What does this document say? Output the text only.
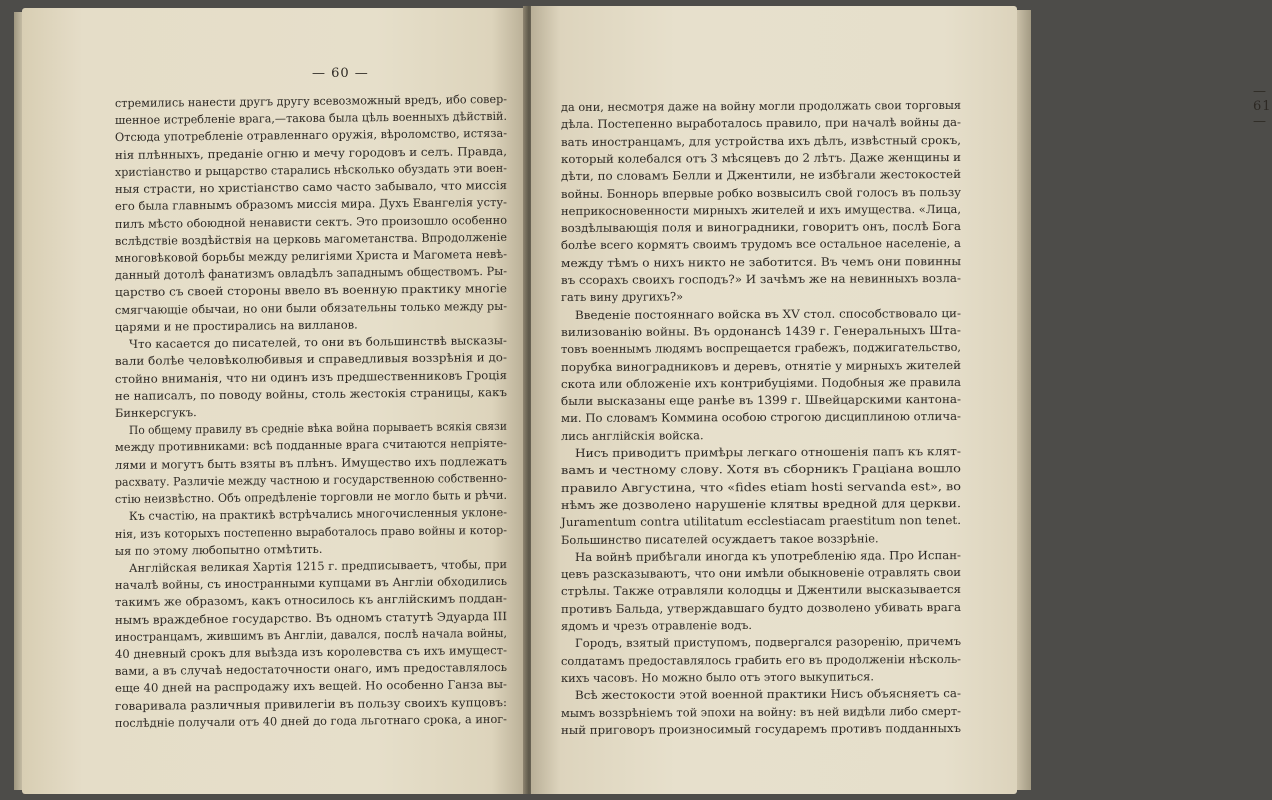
— 60 —
стремились нанести другъ другу всевозможный вредъ, ибо совер-
шенное истребленіе врага,—такова была цѣль военныхъ дѣйствій.
Отсюда употребленіе отравленнаго оружія, вѣроломство, истяза-
нія плѣнныхъ, преданіе огню и мечу городовъ и селъ. Правда,
христіанство и рыцарство старались нѣсколько обуздать эти воен-
ныя страсти, но христіанство само часто забывало, что миссія
его была главнымъ образомъ миссія мира. Духъ Евангелія усту-
пилъ мѣсто обоюдной ненависти сектъ. Это произошло особенно
вслѣдствіе воздѣйствія на церковь магометанства. Впродолженіе
многовѣковой борьбы между религіями Христа и Магомета невѣ-
данный дотолѣ фанатизмъ овладѣлъ западнымъ обществомъ. Ры-
царство съ своей стороны ввело въ военную практику многіе
смягчающіе обычаи, но они были обязательны только между ры-
царями и не простирались на вилланов.
Что касается до писателей, то они въ большинствѣ высказы-
вали болѣе человѣколюбивыя и справедливыя воззрѣнія и до-
стойно вниманія, что ни одинъ изъ предшественниковъ Гроція
не написалъ, по поводу войны, столь жестокія страницы, какъ
Бинкерсгукъ.
По общему правилу въ средніе вѣка война порываетъ всякія связи
между противниками: всѣ подданные врага считаются непріяте-
лями и могутъ быть взяты въ плѣнъ. Имущество ихъ подлежатъ
расхвату. Различіе между частною и государственною собственно-
стію неизвѣстно. Объ опредѣленіе торговли не могло быть и рѣчи.
Къ счастію, на практикѣ встрѣчались многочисленныя уклоне-
нія, изъ которыхъ постепенно выработалось право войны и котор-
ыя по этому любопытно отмѣтить.
Англійская великая Хартія 1215 г. предписываетъ, чтобы, при
началѣ войны, съ иностранными купцами въ Англіи обходились
такимъ же образомъ, какъ относилось къ англійскимъ поддан-
нымъ враждебное государство. Въ одномъ статутѣ Эдуарда III
иностранцамъ, жившимъ въ Англіи, давался, послѣ начала войны,
40 дневный срокъ для выѣзда изъ королевства съ ихъ имущест-
вами, а въ случаѣ недостаточности онаго, имъ предоставлялось
еще 40 дней на распродажу ихъ вещей. Но особенно Ганза вы-
говаривала различныя привилегіи въ пользу своихъ купцовъ:
послѣдніе получали отъ 40 дней до года льготнаго срока, а иног-
— 61 —
да они, несмотря даже на войну могли продолжать свои торговыя
дѣла. Постепенно выработалось правило, при началѣ войны да-
вать иностранцамъ, для устройства ихъ дѣлъ, извѣстный срокъ,
который колебался отъ 3 мѣсяцевъ до 2 лѣтъ. Даже женщины и
дѣти, по словамъ Белли и Джентили, не избѣгали жестокостей
войны. Боннорь впервые робко возвысилъ свой голосъ въ пользу
неприкосновенности мирныхъ жителей и ихъ имущества. «Лица,
воздѣлывающія поля и виноградники, говоритъ онъ, послѣ Бога
болѣе всего кормятъ своимъ трудомъ все остальное населеніе, а
между тѣмъ о нихъ никто не заботится. Въ чемъ они повинны
въ ссорахъ своихъ господъ?» И зачѣмъ же на невинныхъ возла-
гать вину другихъ?»
Введеніе постояннаго войска въ XV стол. способствовало ци-
вилизованію войны. Въ ордонансѣ 1439 г. Генеральныхъ Шта-
товъ военнымъ людямъ воспрещается грабежъ, поджигательство,
порубка виноградниковъ и деревъ, отнятіе у мирныхъ жителей
скота или обложеніе ихъ контрибуціями. Подобныя же правила
были высказаны еще ранѣе въ 1399 г. Швейцарскими кантона-
ми. По словамъ Коммина особою строгою дисциплиною отлича-
лись англійскія войска.
Нисъ приводитъ примѣры легкаго отношенія папъ къ клят-
вамъ и честному слову. Хотя въ сборникъ Граціана вошло
правило Августина, что «fides etiam hosti servanda est», во
нѣмъ же дозволено нарушеніе клятвы вредной для церкви.
Juramentum contra utilitatum ecclestiacam praestitum non tenet.
Большинство писателей осуждаетъ такое воззрѣніе.
На войнѣ прибѣгали иногда къ употребленію яда. Про Испан-
цевъ разсказываютъ, что они имѣли обыкновеніе отравлять свои
стрѣлы. Также отравляли колодцы и Джентили высказывается
противъ Бальда, утверждавшаго будто дозволено убивать врага
ядомъ и чрезъ отравленіе водъ.
Городъ, взятый приступомъ, подвергался разоренію, причемъ
солдатамъ предоставлялось грабить его въ продолженіи нѣсколь-
кихъ часовъ. Но можно было отъ этого выкупиться.
Всѣ жестокости этой военной практики Нисъ объясняетъ са-
мымъ воззрѣніемъ той эпохи на войну: въ ней видѣли либо смерт-
ный приговоръ произносимый государемъ противъ подданныхъ
